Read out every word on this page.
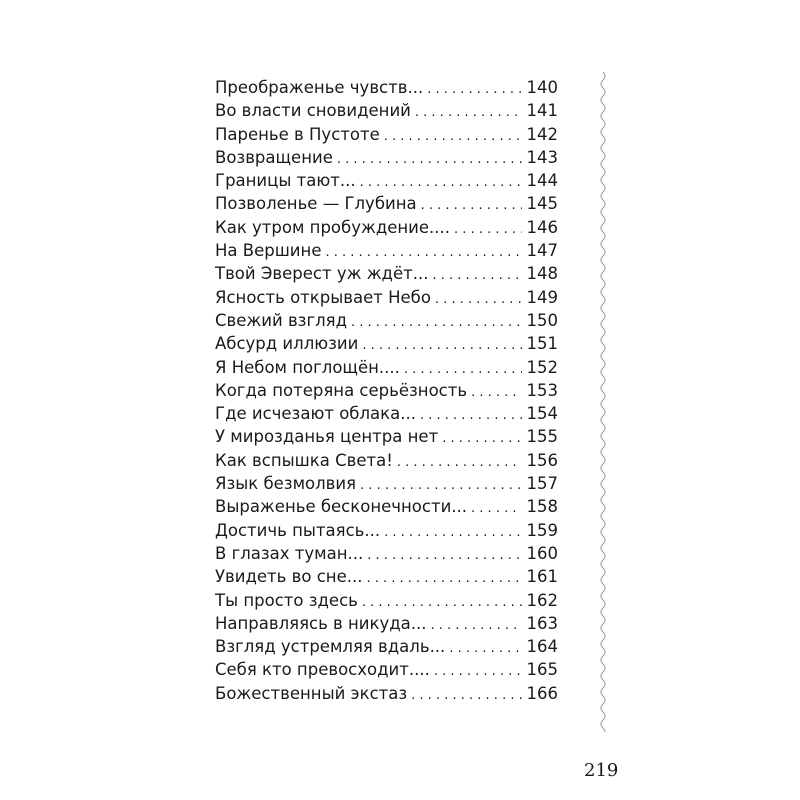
Преображенье чувств... . . .	140
Во власти сновидений . . .	141
Паренье в Пустоте . . .	142
Возвращение . . .	143
Границы тают... . . .	144
Позволенье — Глубина . . .	145
Как утром пробуждение.... . . .	146
На Вершине . . .	147
Твой Эверест уж ждёт... . . .	148
Ясность открывает Небо . . .	149
Свежий взгляд . . .	150
Абсурд иллюзии . . .	151
Я Небом поглощён.... . . .	152
Когда потеряна серьёзность . . .	153
Где исчезают облака... . . .	154
У мирозданья центра нет . . .	155
Как вспышка Света! . . .	156
Язык безмолвия . . .	157
Выраженье бесконечности... . . .	158
Достичь пытаясь... . . .	159
В глазах туман... . . .	160
Увидеть во сне... . . .	161
Ты просто здесь . . .	162
Направляясь в никуда... . . .	163
Взгляд устремляя вдаль... . . .	164
Себя кто превосходит.... . . .	165
Божественный экстаз . . .	166
219
